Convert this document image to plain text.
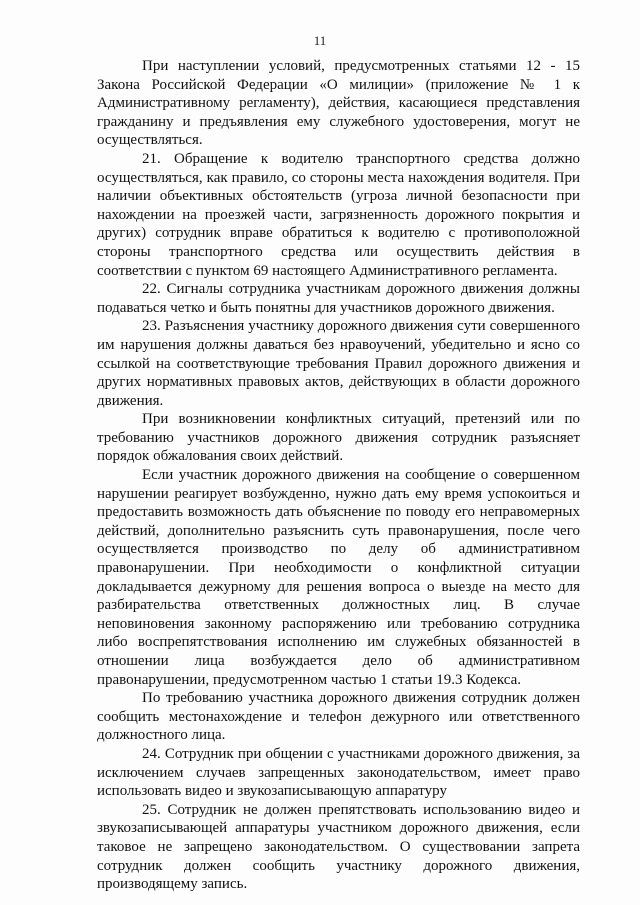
11

При наступлении условий, предусмотренных статьями 12 - 15 Закона Российской Федерации «О милиции» (приложение № 1 к Административному регламенту), действия, касающиеся представления гражданину и предъявления ему служебного удостоверения, могут не осуществляться.

21. Обращение к водителю транспортного средства должно осуществляться, как правило, со стороны места нахождения водителя. При наличии объективных обстоятельств (угроза личной безопасности при нахождении на проезжей части, загрязненность дорожного покрытия и других) сотрудник вправе обратиться к водителю с противоположной стороны транспортного средства или осуществить действия в соответствии с пунктом 69 настоящего Административного регламента.

22. Сигналы сотрудника участникам дорожного движения должны подаваться четко и быть понятны для участников дорожного движения.

23. Разъяснения участнику дорожного движения сути совершенного им нарушения должны даваться без нравоучений, убедительно и ясно со ссылкой на соответствующие требования Правил дорожного движения и других нормативных правовых актов, действующих в области дорожного движения.

При возникновении конфликтных ситуаций, претензий или по требованию участников дорожного движения сотрудник разъясняет порядок обжалования своих действий.

Если участник дорожного движения на сообщение о совершенном нарушении реагирует возбужденно, нужно дать ему время успокоиться и предоставить возможность дать объяснение по поводу его неправомерных действий, дополнительно разъяснить суть правонарушения, после чего осуществляется производство по делу об административном правонарушении. При необходимости о конфликтной ситуации докладывается дежурному для решения вопроса о выезде на место для разбирательства ответственных должностных лиц. В случае неповиновения законному распоряжению или требованию сотрудника либо воспрепятствования исполнению им служебных обязанностей в отношении лица возбуждается дело об административном правонарушении, предусмотренном частью 1 статьи 19.3 Кодекса.

По требованию участника дорожного движения сотрудник должен сообщить местонахождение и телефон дежурного или ответственного должностного лица.

24. Сотрудник при общении с участниками дорожного движения, за исключением случаев запрещенных законодательством, имеет право использовать видео и звукозаписывающую аппаратуру

25. Сотрудник не должен препятствовать использованию видео и звукозаписывающей аппаратуры участником дорожного движения, если таковое не запрещено законодательством. О существовании запрета сотрудник должен сообщить участнику дорожного движения, производящему запись.
